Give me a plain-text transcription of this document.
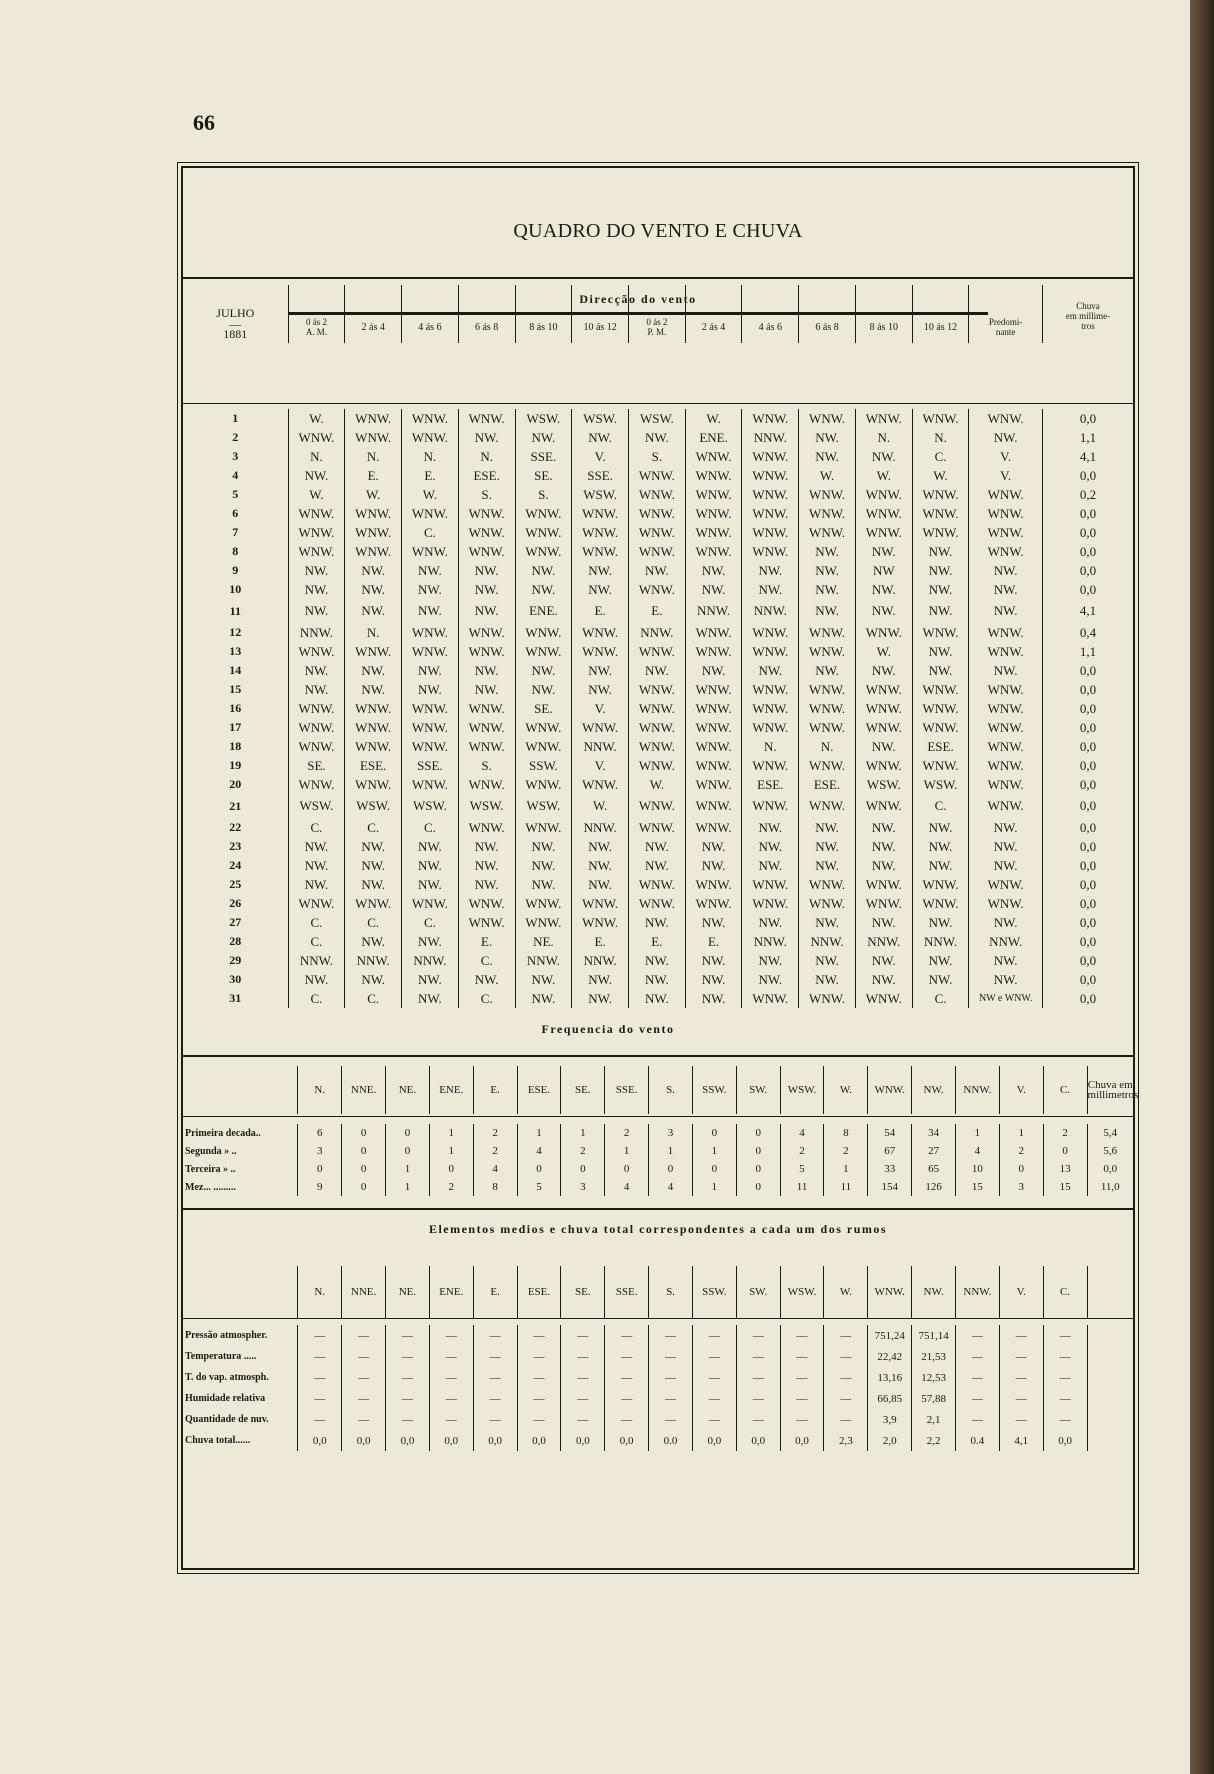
66
QUADRO DO VENTO E CHUVA
Direcção do vento
JULHO
—
1881

0 ás 2
A. M.	2 ás 4	4 ás 6	6 ás 8	8 ás 10	10 ás 12	0 ás 2
P. M.	2 ás 4	4 ás 6	6 ás 8	8 ás 10	10 ás 12	Predomi-
nante

Chuva
em millime-
tros
1	W.	WNW.	WNW.	WNW.	WSW.	WSW.	WSW.	W.	WNW.	WNW.	WNW.	WNW.	WNW.	0,0
2	WNW.	WNW.	WNW.	NW.	NW.	NW.	NW.	ENE.	NNW.	NW.	N.	N.	NW.	1,1
3	N.	N.	N.	N.	SSE.	V.	S.	WNW.	WNW.	NW.	NW.	C.	V.	4,1
4	NW.	E.	E.	ESE.	SE.	SSE.	WNW.	WNW.	WNW.	W.	W.	W.	V.	0,0
5	W.	W.	W.	S.	S.	WSW.	WNW.	WNW.	WNW.	WNW.	WNW.	WNW.	WNW.	0,2
6	WNW.	WNW.	WNW.	WNW.	WNW.	WNW.	WNW.	WNW.	WNW.	WNW.	WNW.	WNW.	WNW.	0,0
7	WNW.	WNW.	C.	WNW.	WNW.	WNW.	WNW.	WNW.	WNW.	WNW.	WNW.	WNW.	WNW.	0,0
8	WNW.	WNW.	WNW.	WNW.	WNW.	WNW.	WNW.	WNW.	WNW.	NW.	NW.	NW.	WNW.	0,0
9	NW.	NW.	NW.	NW.	NW.	NW.	NW.	NW.	NW.	NW.	NW	NW.	NW.	0,0
10	NW.	NW.	NW.	NW.	NW.	NW.	WNW.	NW.	NW.	NW.	NW.	NW.	NW.	0,0
11	NW.	NW.	NW.	NW.	ENE.	E.	E.	NNW.	NNW.	NW.	NW.	NW.	NW.	4,1
12	NNW.	N.	WNW.	WNW.	WNW.	WNW.	NNW.	WNW.	WNW.	WNW.	WNW.	WNW.	WNW.	0,4
13	WNW.	WNW.	WNW.	WNW.	WNW.	WNW.	WNW.	WNW.	WNW.	WNW.	W.	NW.	WNW.	1,1
14	NW.	NW.	NW.	NW.	NW.	NW.	NW.	NW.	NW.	NW.	NW.	NW.	NW.	0,0
15	NW.	NW.	NW.	NW.	NW.	NW.	WNW.	WNW.	WNW.	WNW.	WNW.	WNW.	WNW.	0,0
16	WNW.	WNW.	WNW.	WNW.	SE.	V.	WNW.	WNW.	WNW.	WNW.	WNW.	WNW.	WNW.	0,0
17	WNW.	WNW.	WNW.	WNW.	WNW.	WNW.	WNW.	WNW.	WNW.	WNW.	WNW.	WNW.	WNW.	0,0
18	WNW.	WNW.	WNW.	WNW.	WNW.	NNW.	WNW.	WNW.	N.	N.	NW.	ESE.	WNW.	0,0
19	SE.	ESE.	SSE.	S.	SSW.	V.	WNW.	WNW.	WNW.	WNW.	WNW.	WNW.	WNW.	0,0
20	WNW.	WNW.	WNW.	WNW.	WNW.	WNW.	W.	WNW.	ESE.	ESE.	WSW.	WSW.	WNW.	0,0
21	WSW.	WSW.	WSW.	WSW.	WSW.	W.	WNW.	WNW.	WNW.	WNW.	WNW.	C.	WNW.	0,0
22	C.	C.	C.	WNW.	WNW.	NNW.	WNW.	WNW.	NW.	NW.	NW.	NW.	NW.	0,0
23	NW.	NW.	NW.	NW.	NW.	NW.	NW.	NW.	NW.	NW.	NW.	NW.	NW.	0,0
24	NW.	NW.	NW.	NW.	NW.	NW.	NW.	NW.	NW.	NW.	NW.	NW.	NW.	0,0
25	NW.	NW.	NW.	NW.	NW.	NW.	WNW.	WNW.	WNW.	WNW.	WNW.	WNW.	WNW.	0,0
26	WNW.	WNW.	WNW.	WNW.	WNW.	WNW.	WNW.	WNW.	WNW.	WNW.	WNW.	WNW.	WNW.	0,0
27	C.	C.	C.	WNW.	WNW.	WNW.	NW.	NW.	NW.	NW.	NW.	NW.	NW.	0,0
28	C.	NW.	NW.	E.	NE.	E.	E.	E.	NNW.	NNW.	NNW.	NNW.	NNW.	0,0
29	NNW.	NNW.	NNW.	C.	NNW.	NNW.	NW.	NW.	NW.	NW.	NW.	NW.	NW.	0,0
30	NW.	NW.	NW.	NW.	NW.	NW.	NW.	NW.	NW.	NW.	NW.	NW.	NW.	0,0
31	C.	C.	NW.	C.	NW.	NW.	NW.	NW.	WNW.	WNW.	WNW.	C.	NW e WNW.	0,0
Frequencia do vento
	N.	NNE.	NE.	ENE.	E.	ESE.	SE.	SSE.	S.	SSW.	SW.	WSW.	W.	WNW.	NW.	NNW.	V.	C.	Chuva em millimetros
Primeira decada..	6	0	0	1	2	1	1	2	3	0	0	4	8	54	34	1	1	2	5,4
Segunda » ..	3	0	0	1	2	4	2	1	1	1	0	2	2	67	27	4	2	0	5,6
Terceira » ..	0	0	1	0	4	0	0	0	0	0	0	5	1	33	65	10	0	13	0,0
Mez... .........	9	0	1	2	8	5	3	4	4	1	0	11	11	154	126	15	3	15	11,0
Elementos medios e chuva total correspondentes a cada um dos rumos
	N.	NNE.	NE.	ENE.	E.	ESE.	SE.	SSE.	S.	SSW.	SW.	WSW.	W.	WNW.	NW.	NNW.	V.	C.	
Pressão atmospher.	—	—	—	—	—	—	—	—	—	—	—	—	—	751,24	751,14	—	—	—	
Temperatura .....	—	—	—	—	—	—	—	—	—	—	—	—	—	22,42	21,53	—	—	—	
T. do vap. atmosph.	—	—	—	—	—	—	—	—	—	—	—	—	—	13,16	12,53	—	—	—	
Humidade relativa	—	—	—	—	—	—	—	—	—	—	—	—	—	66,85	57,88	—	—	—	
Quantidade de nuv.	—	—	—	—	—	—	—	—	—	—	—	—	—	3,9	2,1	—	—	—	
Chuva total......	0,0	0,0	0,0	0,0	0,0	0,0	0,0	0,0	0.0	0,0	0,0	0,0	2,3	2,0	2,2	0.4	4,1	0,0	
